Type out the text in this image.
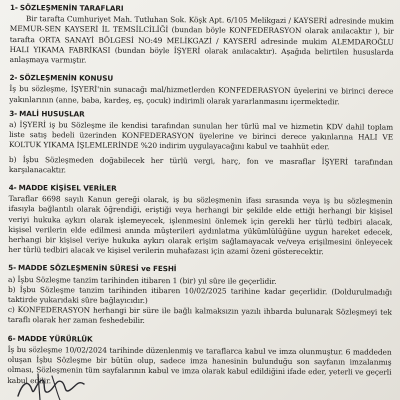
1- SÖZLEŞMENİN TARAFLARI
Bir tarafta Cumhuriyet Mah. Tutluhan Sok. Köşk Apt. 6/105 Melikgazi / KAYSERİ adresinde mukim MEMUR-SEN KAYSERİ İL TEMSİLCİLİĞİ (bundan böyle KONFEDERASYON olarak anılacaktır ), bir tarafta ORTA SANAYİ BÖLGESİ NO:49 MELİKGAZİ / KAYSERİ adresinde mukim ALEMDAROĞLU HALI YIKAMA FABRİKASI (bundan böyle İŞYERİ olarak anılacaktır). Aşağıda belirtilen hususlarda anlaşmaya varmıştır.
2- SÖZLEŞMENİN KONUSU
İş bu sözleşme, İŞYERİ'nin sunacağı mal/hizmetlerden KONFEDERASYON üyelerini ve birinci derece yakınlarının (anne, baba, kardeş, eş, çocuk) indirimli olarak yararlanmasını içermektedir.
3- MALİ HUSUSLAR
a) İŞYERİ iş bu Sözleşme ile kendisi tarafından sunulan her türlü mal ve hizmetin KDV dahil toplam liste satış bedeli üzerinden KONFEDERASYON üyelerine ve birinci derece yakınlarına HALI VE KOLTUK YIKAMA İŞLEMLERİNDE %20 indirim uygulayacağını kabul ve taahhüt eder.
b) İşbu Sözleşmeden doğabilecek her türlü vergi, harç, fon ve masraflar İŞYERİ tarafından karşılanacaktır.
4- MADDE KİŞİSEL VERİLER
Taraflar 6698 sayılı Kanun gereği olarak, iş bu sözleşmenin ifası sırasında veya iş bu sözleşmenin ifasıyla bağlantılı olarak öğrendiği, eriştiği veya herhangi bir şekilde elde ettiği herhangi bir kişisel veriyi hukuka aykırı olarak işlemeyecek, işlenmesini önlemek için gerekli her türlü tedbiri alacak, kişisel verilerin elde edilmesi anında müşterileri aydınlatma yükümlülüğüne uygun hareket edecek, herhangi bir kişisel veriye hukuka aykırı olarak erişim sağlamayacak ve/veya erişilmesini önleyecek her türlü tedbiri alacak ve kişisel verilerin muhafazası için azami özeni gösterecektir.
5- MADDE SÖZLEŞMENİN SÜRESİ ve FESHİ
a) İşbu Sözleşme tanzim tarihinden itibaren 1 (bir) yıl süre ile geçerlidir.
b) İşbu Sözleşme tanzim tarihinden itibaren 10/02/2025 tarihine kadar geçerlidir. (Doldurulmadığı taktirde yukarıdaki süre bağlayıcıdır.)
c) KONFEDERASYON herhangi bir süre ile bağlı kalmaksızın yazılı ihbarda bulunarak Sözleşmeyi tek taraflı olarak her zaman feshedebilir.
6- MADDE YÜRÜRLÜK
İş bu sözleşme 10/02/2024 tarihinde düzenlenmiş ve taraflarca kabul ve imza olunmuştur. 6 maddeden oluşan İşbu Sözleşme bir bütün olup, sadece imza hanesinin bulunduğu son sayfanın imzalanmış olması, Sözleşmenin tüm sayfalarının kabul ve imza olarak kabul edildiğini ifade eder, yeterli ve geçerli kabul edilir.
